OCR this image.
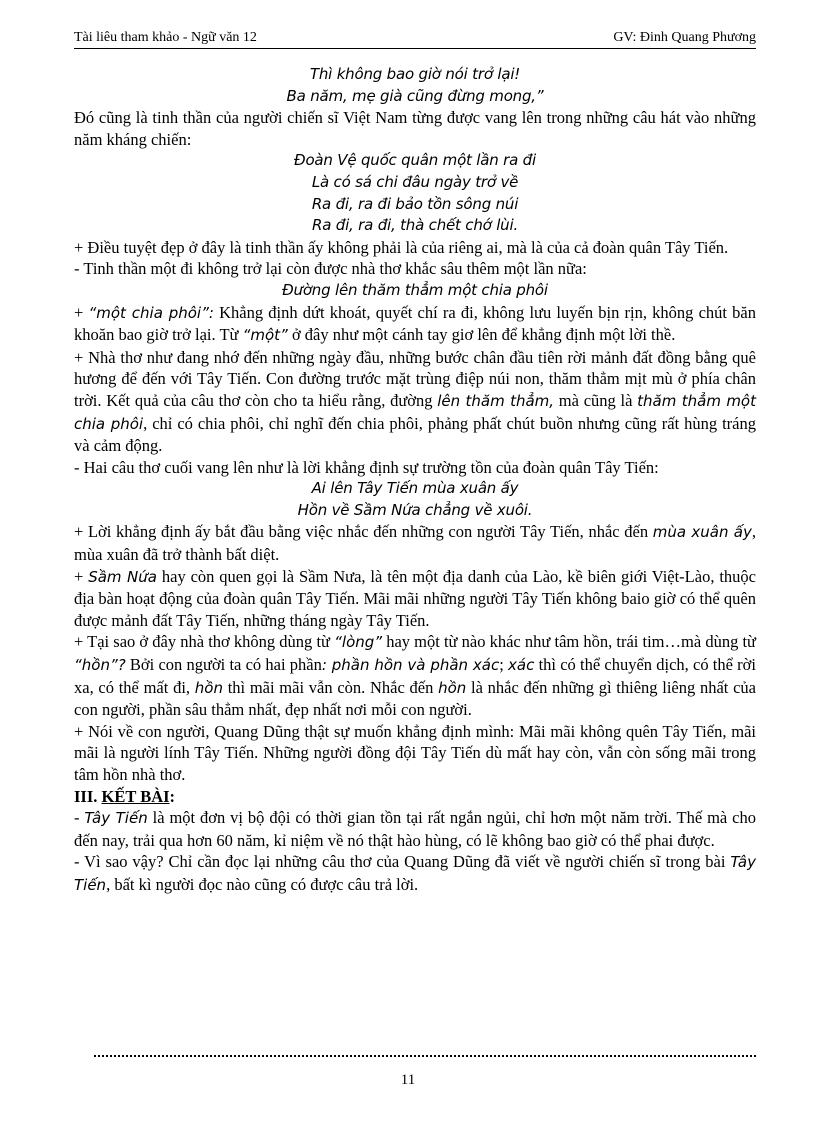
Tài liêu tham khảo - Ngữ văn 12	GV: Đinh Quang Phương

Thì không bao giờ nói trở lại!

Ba năm, mẹ già cũng đừng mong,”

Đó cũng là tinh thần của người chiến sĩ Việt Nam từng được vang lên trong những câu hát vào những năm kháng chiến:

Đoàn Vệ quốc quân một lần ra đi

Là có sá chi đâu ngày trở về

Ra đi, ra đi bảo tồn sông núi

Ra đi, ra đi, thà chết chớ lùi.

+ Điều tuyệt đẹp ở đây là tinh thần ấy không phải là của riêng ai, mà là của cả đoàn quân Tây Tiến.

- Tinh thần một đi không trở lại còn được nhà thơ khắc sâu thêm một lần nữa:

Đường lên thăm thẳm một chia phôi

+ “một chia phôi”: Khẳng định dứt khoát, quyết chí ra đi, không lưu luyến bịn rịn, không chút băn khoăn bao giờ trở lại. Từ “một” ở đây như một cánh tay giơ lên để khẳng định một lời thề.

+ Nhà thơ như đang nhớ đến những ngày đầu, những bước chân đầu tiên rời mảnh đất đồng bằng quê hương để đến với Tây Tiến. Con đường trước mặt trùng điệp núi non, thăm thẳm mịt mù ở phía chân trời. Kết quả của câu thơ còn cho ta hiểu rằng, đường lên thăm thẳm, mà cũng là thăm thẳm một chia phôi, chỉ có chia phôi, chỉ nghĩ đến chia phôi, phảng phất chút buồn nhưng cũng rất hùng tráng và cảm động.

- Hai câu thơ cuối vang lên như là lời khẳng định sự trường tồn của đoàn quân Tây Tiến:

Ai lên Tây Tiến mùa xuân ấy

Hồn về Sầm Nứa chẳng về xuôi.

+ Lời khẳng định ấy bắt đầu bằng việc nhắc đến những con người Tây Tiến, nhắc đến mùa xuân ấy, mùa xuân đã trở thành bất diệt.

+ Sầm Nứa hay còn quen gọi là Sầm Nưa, là tên một địa danh của Lào, kề biên giới Việt-Lào, thuộc địa bàn hoạt động của đoàn quân Tây Tiến. Mãi mãi những người Tây Tiến không baio giờ có thể quên được mảnh đất Tây Tiến, những tháng ngày Tây Tiến.

+ Tại sao ở đây nhà thơ không dùng từ “lòng” hay một từ nào khác như tâm hồn, trái tim…mà dùng từ “hồn”? Bởi con người ta có hai phần: phần hồn và phần xác; xác thì có thể chuyển dịch, có thể rời xa, có thể mất đi, hồn thì mãi mãi vẫn còn. Nhắc đến hồn là nhắc đến những gì thiêng liêng nhất của con người, phần sâu thẳm nhất, đẹp nhất nơi mỗi con người.

+ Nói về con người, Quang Dũng thật sự muốn khẳng định mình: Mãi mãi không quên Tây Tiến, mãi mãi là người lính Tây Tiến. Những người đồng đội Tây Tiến dù mất hay còn, vẫn còn sống mãi trong tâm hồn nhà thơ.

III. KẾT BÀI:

- Tây Tiến là một đơn vị bộ đội có thời gian tồn tại rất ngắn ngủi, chỉ hơn một năm trời. Thế mà cho đến nay, trải qua hơn 60 năm, kỉ niệm về nó thật hào hùng, có lẽ không bao giờ có thể phai được.

- Vì sao vậy? Chỉ cần đọc lại những câu thơ của Quang Dũng đã viết về người chiến sĩ trong bài Tây Tiến, bất kì người đọc nào cũng có được câu trả lời.

11
